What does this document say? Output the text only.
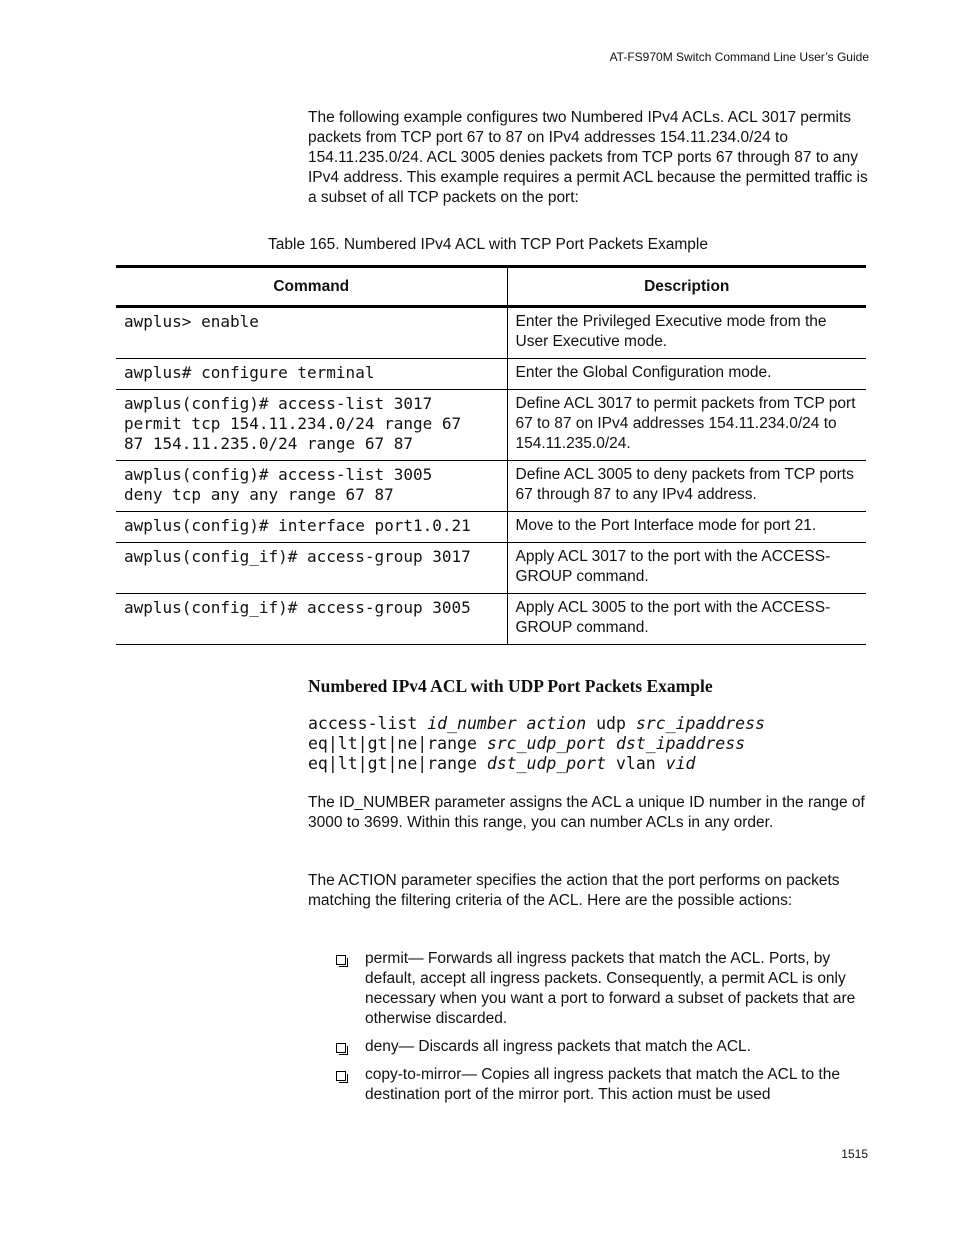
AT-FS970M Switch Command Line User’s Guide

The following example configures two Numbered IPv4 ACLs. ACL 3017 permits packets from TCP port 67 to 87 on IPv4 addresses 154.11.234.0/24 to 154.11.235.0/24. ACL 3005 denies packets from TCP ports 67 through 87 to any IPv4 address. This example requires a permit ACL because the permitted traffic is a subset of all TCP packets on the port:

Table 165. Numbered IPv4 ACL with TCP Port Packets Example
Command	Description
awplus> enable	Enter the Privileged Executive mode from the User Executive mode.
awplus# configure terminal	Enter the Global Configuration mode.
awplus(config)# access-list 3017
permit tcp 154.11.234.0/24 range 67
87 154.11.235.0/24 range 67 87	Define ACL 3017 to permit packets from TCP port 67 to 87 on IPv4 addresses 154.11.234.0/24 to 154.11.235.0/24.
awplus(config)# access-list 3005
deny tcp any any range 67 87	Define ACL 3005 to deny packets from TCP ports 67 through 87 to any IPv4 address.
awplus(config)# interface port1.0.21	Move to the Port Interface mode for port 21.
awplus(config_if)# access-group 3017	Apply ACL 3017 to the port with the ACCESS-GROUP command.
awplus(config_if)# access-group 3005	Apply ACL 3005 to the port with the ACCESS-GROUP command.
Numbered IPv4 ACL with UDP Port Packets Example
access-list id_number action udp src_ipaddress
eq|lt|gt|ne|range src_udp_port dst_ipaddress
eq|lt|gt|ne|range dst_udp_port vlan vid

The ID_NUMBER parameter assigns the ACL a unique ID number in the range of 3000 to 3699. Within this range, you can number ACLs in any order.

The ACTION parameter specifies the action that the port performs on packets matching the filtering criteria of the ACL. Here are the possible actions:

permit— Forwards all ingress packets that match the ACL. Ports, by default, accept all ingress packets. Consequently, a permit ACL is only necessary when you want a port to forward a subset of packets that are otherwise discarded.
deny— Discards all ingress packets that match the ACL.
copy-to-mirror— Copies all ingress packets that match the ACL to the destination port of the mirror port. This action must be used
1515
